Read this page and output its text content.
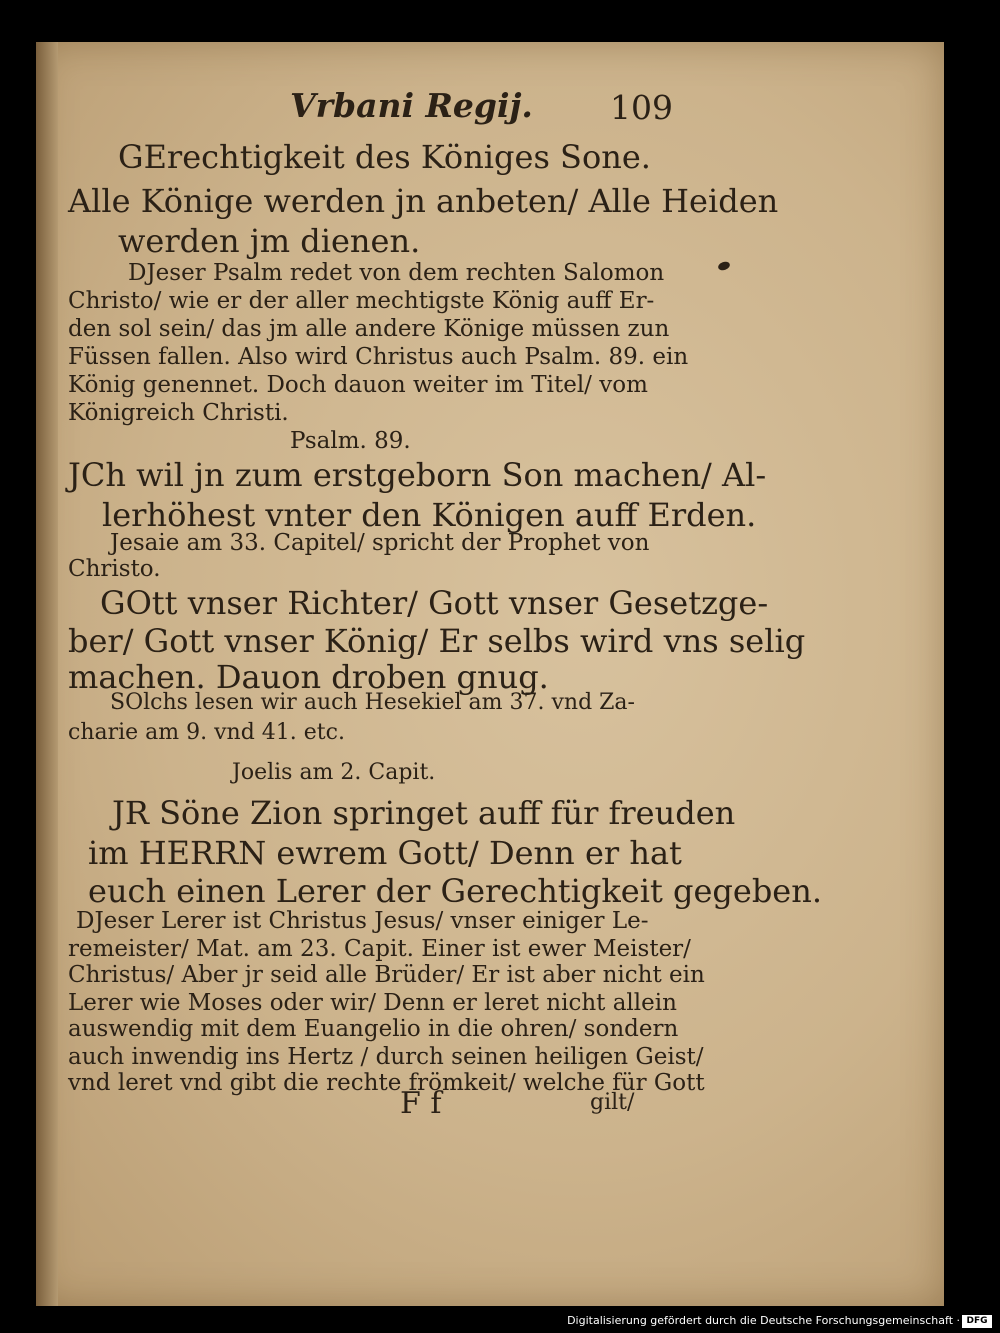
Vrbani Regij. 109
GErechtigkeit des Königes Sone.
Alle Könige werden jn anbeten/ Alle Heiden
werden jm dienen.
DJeser Psalm redet von dem rechten Salomon
Christo/ wie er der aller mechtigste König auff Er-
den sol sein/ das jm alle andere Könige müssen zun
Füssen fallen. Also wird Christus auch Psalm. 89. ein
König genennet. Doch dauon weiter im Titel/ vom
Königreich Christi.
Psalm. 89.
JCh wil jn zum erstgeborn Son machen/ Al-
lerhöhest vnter den Königen auff Erden.
Jesaie am 33. Capitel/ spricht der Prophet von
Christo.
GOtt vnser Richter/ Gott vnser Gesetzge-
ber/ Gott vnser König/ Er selbs wird vns selig
machen. Dauon droben gnug.
SOlchs lesen wir auch Hesekiel am 37. vnd Za-
charie am 9. vnd 41. etc.
Joelis am 2. Capit.
JR Söne Zion springet auff für freuden
im HERRN ewrem Gott/ Denn er hat
euch einen Lerer der Gerechtigkeit gegeben.
DJeser Lerer ist Christus Jesus/ vnser einiger Le-
remeister/ Mat. am 23. Capit. Einer ist ewer Meister/
Christus/ Aber jr seid alle Brüder/ Er ist aber nicht ein
Lerer wie Moses oder wir/ Denn er leret nicht allein
auswendig mit dem Euangelio in die ohren/ sondern
auch inwendig ins Hertz / durch seinen heiligen Geist/
vnd leret vnd gibt die rechte frömkeit/ welche für Gott
F f	gilt/
Digitalisierung gefördert durch die Deutsche Forschungsgemeinschaft · DFG
